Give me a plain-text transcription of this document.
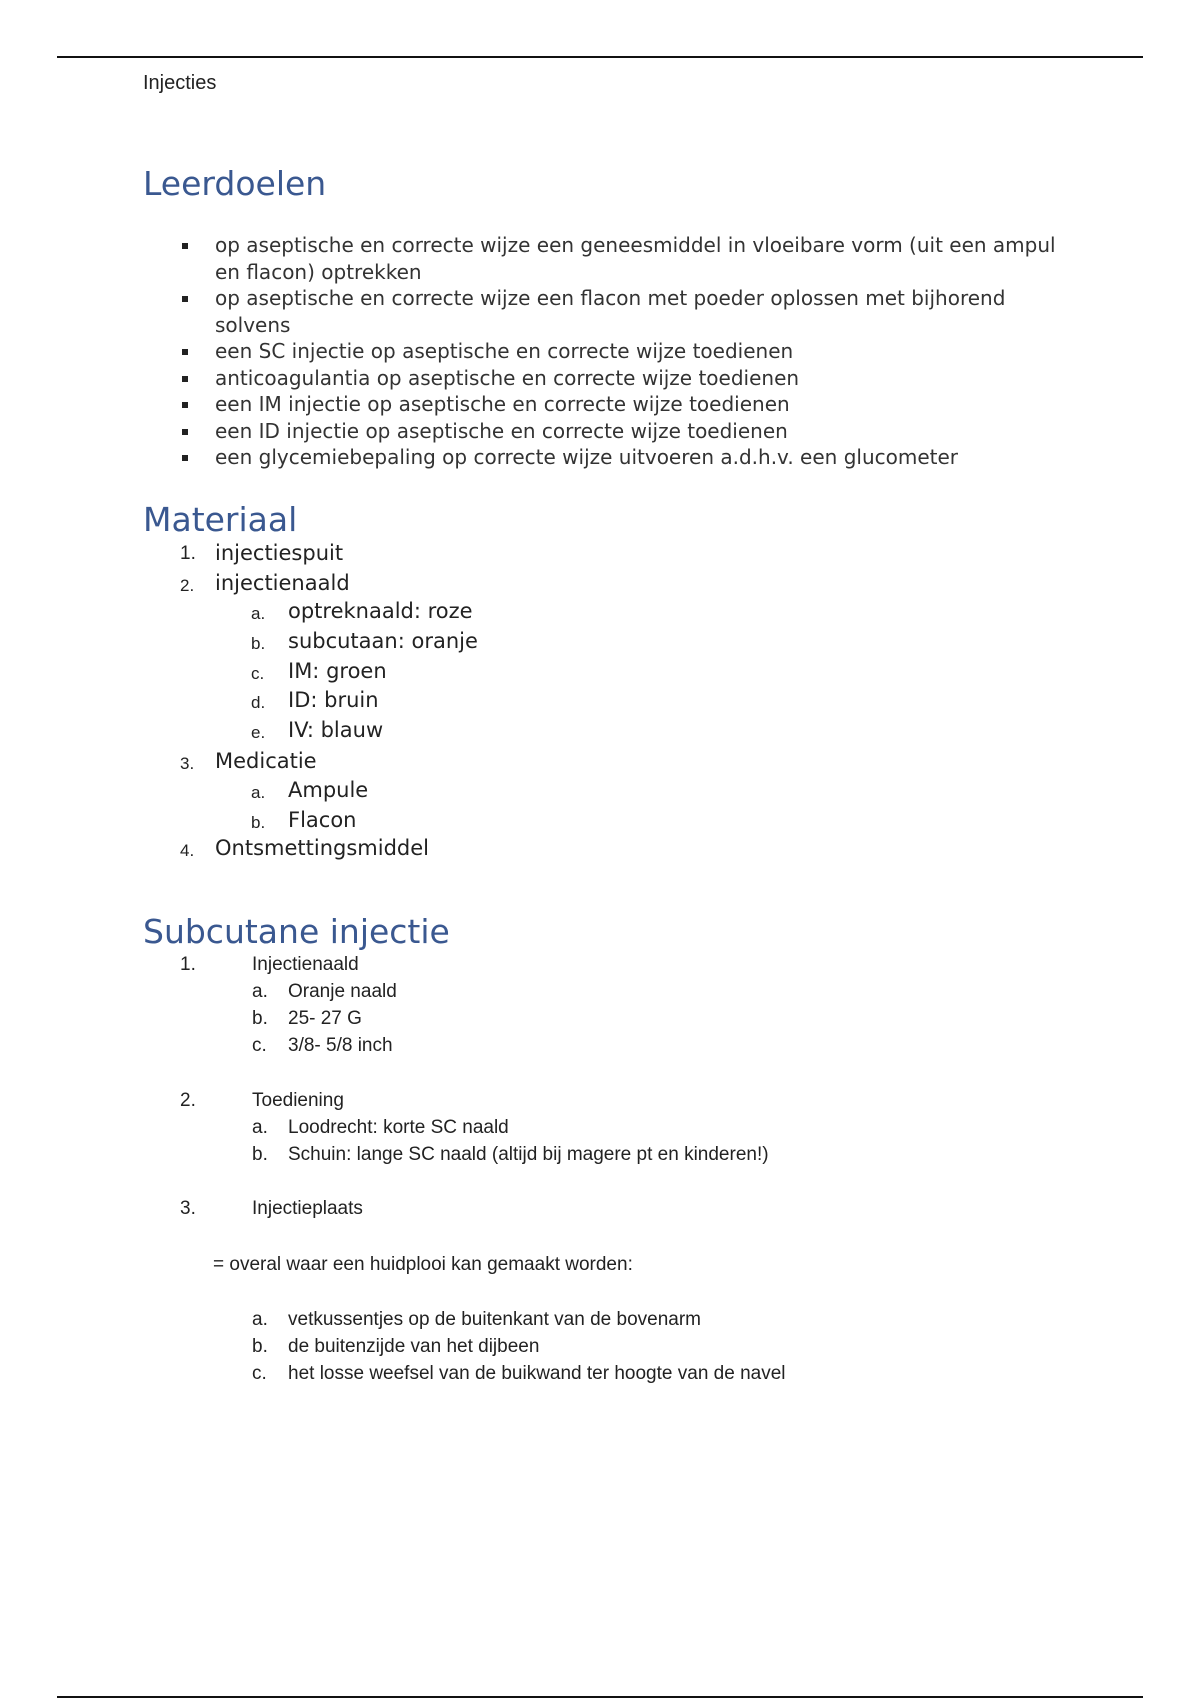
Injecties
Leerdoelen
op aseptische en correcte wijze een geneesmiddel in vloeibare vorm (uit een ampul en flacon) optrekken
op aseptische en correcte wijze een flacon met poeder oplossen met bijhorend solvens
een SC injectie op aseptische en correcte wijze toedienen
anticoagulantia op aseptische en correcte wijze toedienen
een IM injectie op aseptische en correcte wijze toedienen
een ID injectie op aseptische en correcte wijze toedienen
een glycemiebepaling op correcte wijze uitvoeren a.d.h.v. een glucometer
Materiaal
1. injectiespuit
2. injectienaald
a. optreknaald: roze
b. subcutaan: oranje
c. IM: groen
d. ID: bruin
e. IV: blauw
3. Medicatie
a. Ampule
b. Flacon
4. Ontsmettingsmiddel
Subcutane injectie
1.	Injectienaald
a. Oranje naald
b. 25- 27 G
c. 3/8- 5/8 inch
2.	Toediening
a. Loodrecht: korte SC naald
b. Schuin: lange SC naald (altijd bij magere pt en kinderen!)
3.	Injectieplaats
= overal waar een huidplooi kan gemaakt worden:
a. vetkussentjes op de buitenkant van de bovenarm
b. de buitenzijde van het dijbeen
c. het losse weefsel van de buikwand ter hoogte van de navel
